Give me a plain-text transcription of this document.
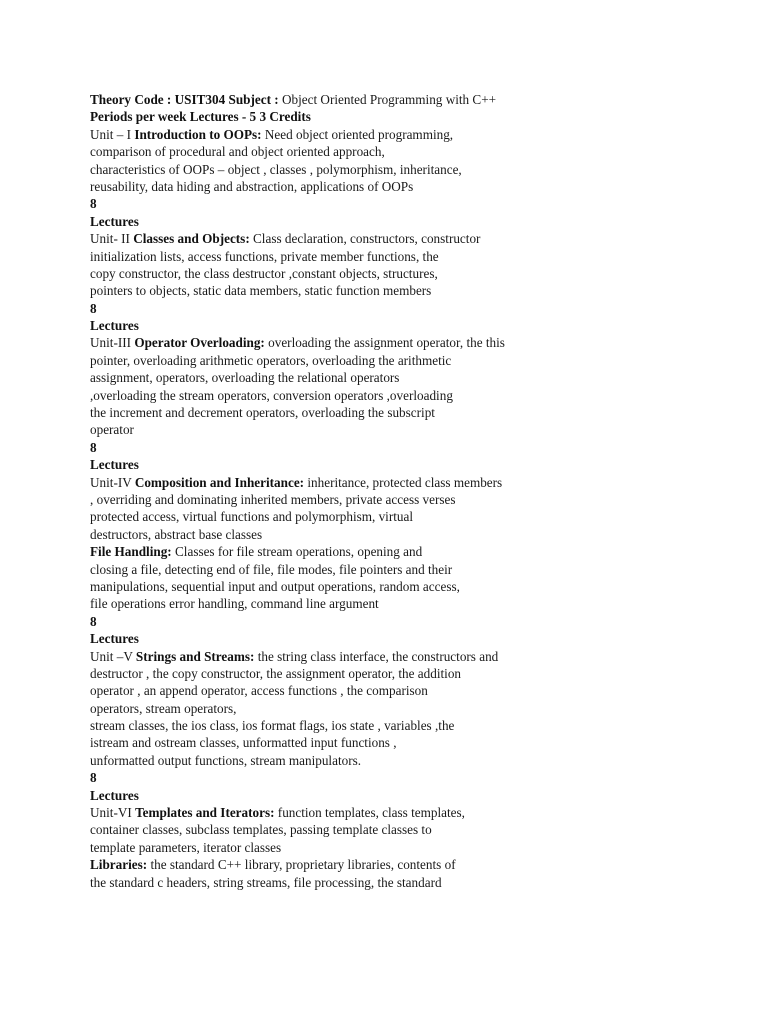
Theory Code : USIT304 Subject : Object Oriented Programming with C++
Periods per week Lectures - 5 3 Credits
Unit – I Introduction to OOPs: Need object oriented programming,
comparison of procedural and object oriented approach,
characteristics of OOPs – object , classes , polymorphism, inheritance,
reusability, data hiding and abstraction, applications of OOPs
8
Lectures
Unit- II Classes and Objects: Class declaration, constructors, constructor
initialization lists, access functions, private member functions, the
copy constructor, the class destructor ,constant objects, structures,
pointers to objects, static data members, static function members
8
Lectures
Unit-III Operator Overloading: overloading the assignment operator, the this
pointer, overloading arithmetic operators, overloading the arithmetic
assignment, operators, overloading the relational operators
,overloading the stream operators, conversion operators ,overloading
the increment and decrement operators, overloading the subscript
operator
8
Lectures
Unit-IV Composition and Inheritance: inheritance, protected class members
, overriding and dominating inherited members, private access verses
protected access, virtual functions and polymorphism, virtual
destructors, abstract base classes
File Handling: Classes for file stream operations, opening and
closing a file, detecting end of file, file modes, file pointers and their
manipulations, sequential input and output operations, random access,
file operations error handling, command line argument
8
Lectures
Unit –V Strings and Streams: the string class interface, the constructors and
destructor , the copy constructor, the assignment operator, the addition
operator , an append operator, access functions , the comparison
operators, stream operators,
stream classes, the ios class, ios format flags, ios state , variables ,the
istream and ostream classes, unformatted input functions ,
unformatted output functions, stream manipulators.
8
Lectures
Unit-VI Templates and Iterators: function templates, class templates,
container classes, subclass templates, passing template classes to
template parameters, iterator classes
Libraries: the standard C++ library, proprietary libraries, contents of
the standard c headers, string streams, file processing, the standard
